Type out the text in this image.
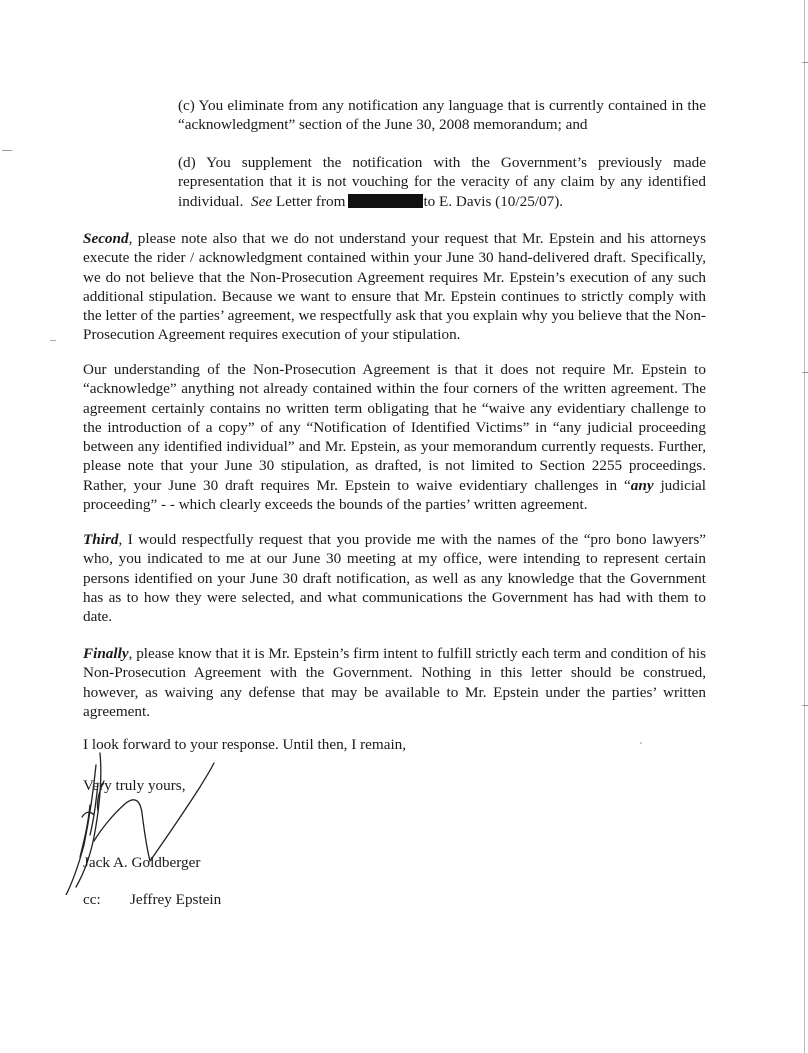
(c) You eliminate from any notification any language that is currently contained in the “acknowledgment” section of the June 30, 2008 memorandum; and

(d) You supplement the notification with the Government’s previously made representation that it is not vouching for the veracity of any claim by any identified individual. See Letter from	to E. Davis (10/25/07).

Second, please note also that we do not understand your request that Mr. Epstein and his attorneys execute the rider / acknowledgment contained within your June 30 hand-delivered draft. Specifically, we do not believe that the Non-Prosecution Agreement requires Mr. Epstein’s execution of any such additional stipulation. Because we want to ensure that Mr. Epstein continues to strictly comply with the letter of the parties’ agreement, we respectfully ask that you explain why you believe that the Non-Prosecution Agreement requires execution of your stipulation.

Our understanding of the Non-Prosecution Agreement is that it does not require Mr. Epstein to “acknowledge” anything not already contained within the four corners of the written agreement. The agreement certainly contains no written term obligating that he “waive any evidentiary challenge to the introduction of a copy” of any “Notification of Identified Victims” in “any judicial proceeding between any identified individual” and Mr. Epstein, as your memorandum currently requests. Further, please note that your June 30 stipulation, as drafted, is not limited to Section 2255 proceedings. Rather, your June 30 draft requires Mr. Epstein to waive evidentiary challenges in “any judicial proceeding” - - which clearly exceeds the bounds of the parties’ written agreement.

Third, I would respectfully request that you provide me with the names of the “pro bono lawyers” who, you indicated to me at our June 30 meeting at my office, were intending to represent certain persons identified on your June 30 draft notification, as well as any knowledge that the Government has as to how they were selected, and what communications the Government has had with them to date.

Finally, please know that it is Mr. Epstein’s firm intent to fulfill strictly each term and condition of his Non-Prosecution Agreement with the Government. Nothing in this letter should be construed, however, as waiving any defense that may be available to Mr. Epstein under the parties’ written agreement.

I look forward to your response. Until then, I remain,
Very truly yours,
Jack A. Goldberger
cc: Jeffrey Epstein
